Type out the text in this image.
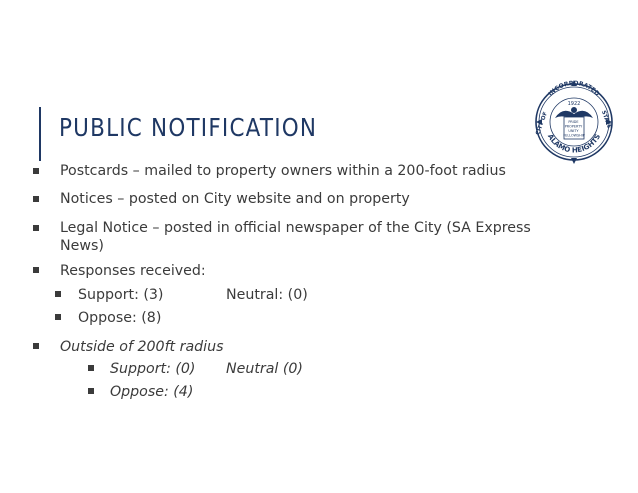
PUBLIC NOTIFICATION
INCORPORATED
ALAMO HEIGHTS
1922
PRIDE PROPERTY UNITY FELLOWSHIP
CITY OF	STATE
Postcards – mailed to property owners within a 200-foot radius
Notices – posted on City website and on property
Legal Notice – posted in official newspaper of the City (SA Express
News)
Responses received:
Support: (3)	Neutral: (0)
Oppose: (8)
Outside of 200ft radius
Support: (0) Neutral (0)
Oppose: (4)
